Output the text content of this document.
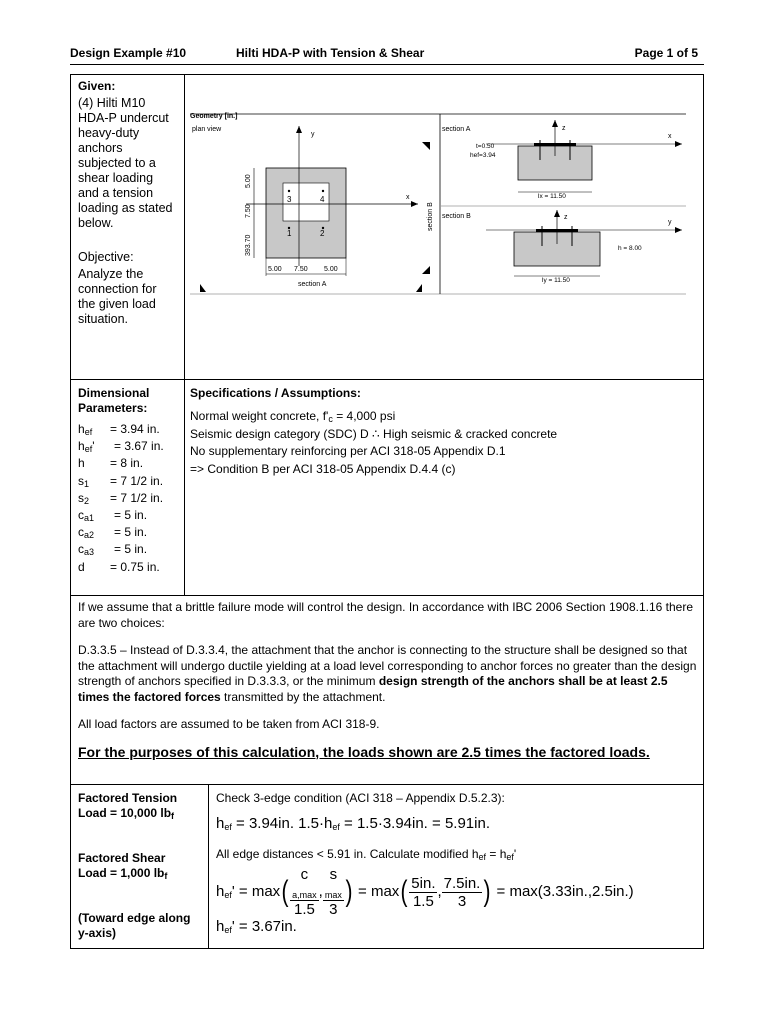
Design Example #10	Hilti HDA-P with Tension & Shear	Page 1 of 5
Given:
(4) Hilti M10
HDA-P undercut
heavy-duty
anchors
subjected to a
shear loading
and a tension
loading as stated
below.
Objective:
Analyze the
connection for
the given load
situation.
Geometry [in.]
plan view	section A
section B
y
x
3	4
1	2
5.00 7.50 5.00
section A
5.00
7.50
393.70
section B
z
x
t=0.50
hef=3.94
lx = 11.50
z
y
h = 8.00
ly = 11.50
Dimensional
Parameters:
$h_{ef} = 3.94$ in.
$h_{ef}' = 3.67$ in.
h = 8 in.
$s_1 = 7$ 1/2 in.
$s_2 = 7$ 1/2 in.
$c_{a1} = 5$ in.
$c_{a2} = 5$ in.
$c_{a3} = 5$ in.
d = 0.75 in.
Specifications / Assumptions:
Normal weight concrete, $f'_c = 4,000$ psi
Seismic design category (SDC) D ∴ High seismic & cracked concrete
No supplementary reinforcing per ACI 318-05 Appendix D.1
=> Condition B per ACI 318-05 Appendix D.4.4 (c)
If we assume that a brittle failure mode will control the design. In accordance with IBC 2006 Section 1908.1.16 there are two choices:
D.3.3.5 – Instead of D.3.3.4, the attachment that the anchor is connecting to the structure shall be designed so that the attachment will undergo ductile yielding at a load level corresponding to anchor forces no greater than the design strength of anchors specified in D.3.3.3, or the minimum design strength of the anchors shall be at least 2.5 times the factored forces transmitted by the attachment.
All load factors are assumed to be taken from ACI 318-9.
For the purposes of this calculation, the loads shown are 2.5 times the factored loads.
Factored Tension
Load = 10,000 $lb_f$
Factored Shear
Load = 1,000 $lb_f$
(Toward edge along
y-axis)
Check 3-edge condition (ACI 318 – Appendix D.5.2.3):
$h_{ef} = 3.94in$. $1.5\cdot h_{ef} = 1.5\cdot 3.94in$. = 5.91in.
All edge distances < 5.91 in. Calculate modified $h_{ef} = h_{ef}'$
$h_{ef}' = \max$( c
$_{a,max}$
1.5 , s
$_{max}$
3 ) = $\max( \frac{5in.}{1.5}$ , $\frac{7.5in.}{3}$ ) = max(3.33in.,2.5in.)
$h_{ef}' = 3.67in$.
